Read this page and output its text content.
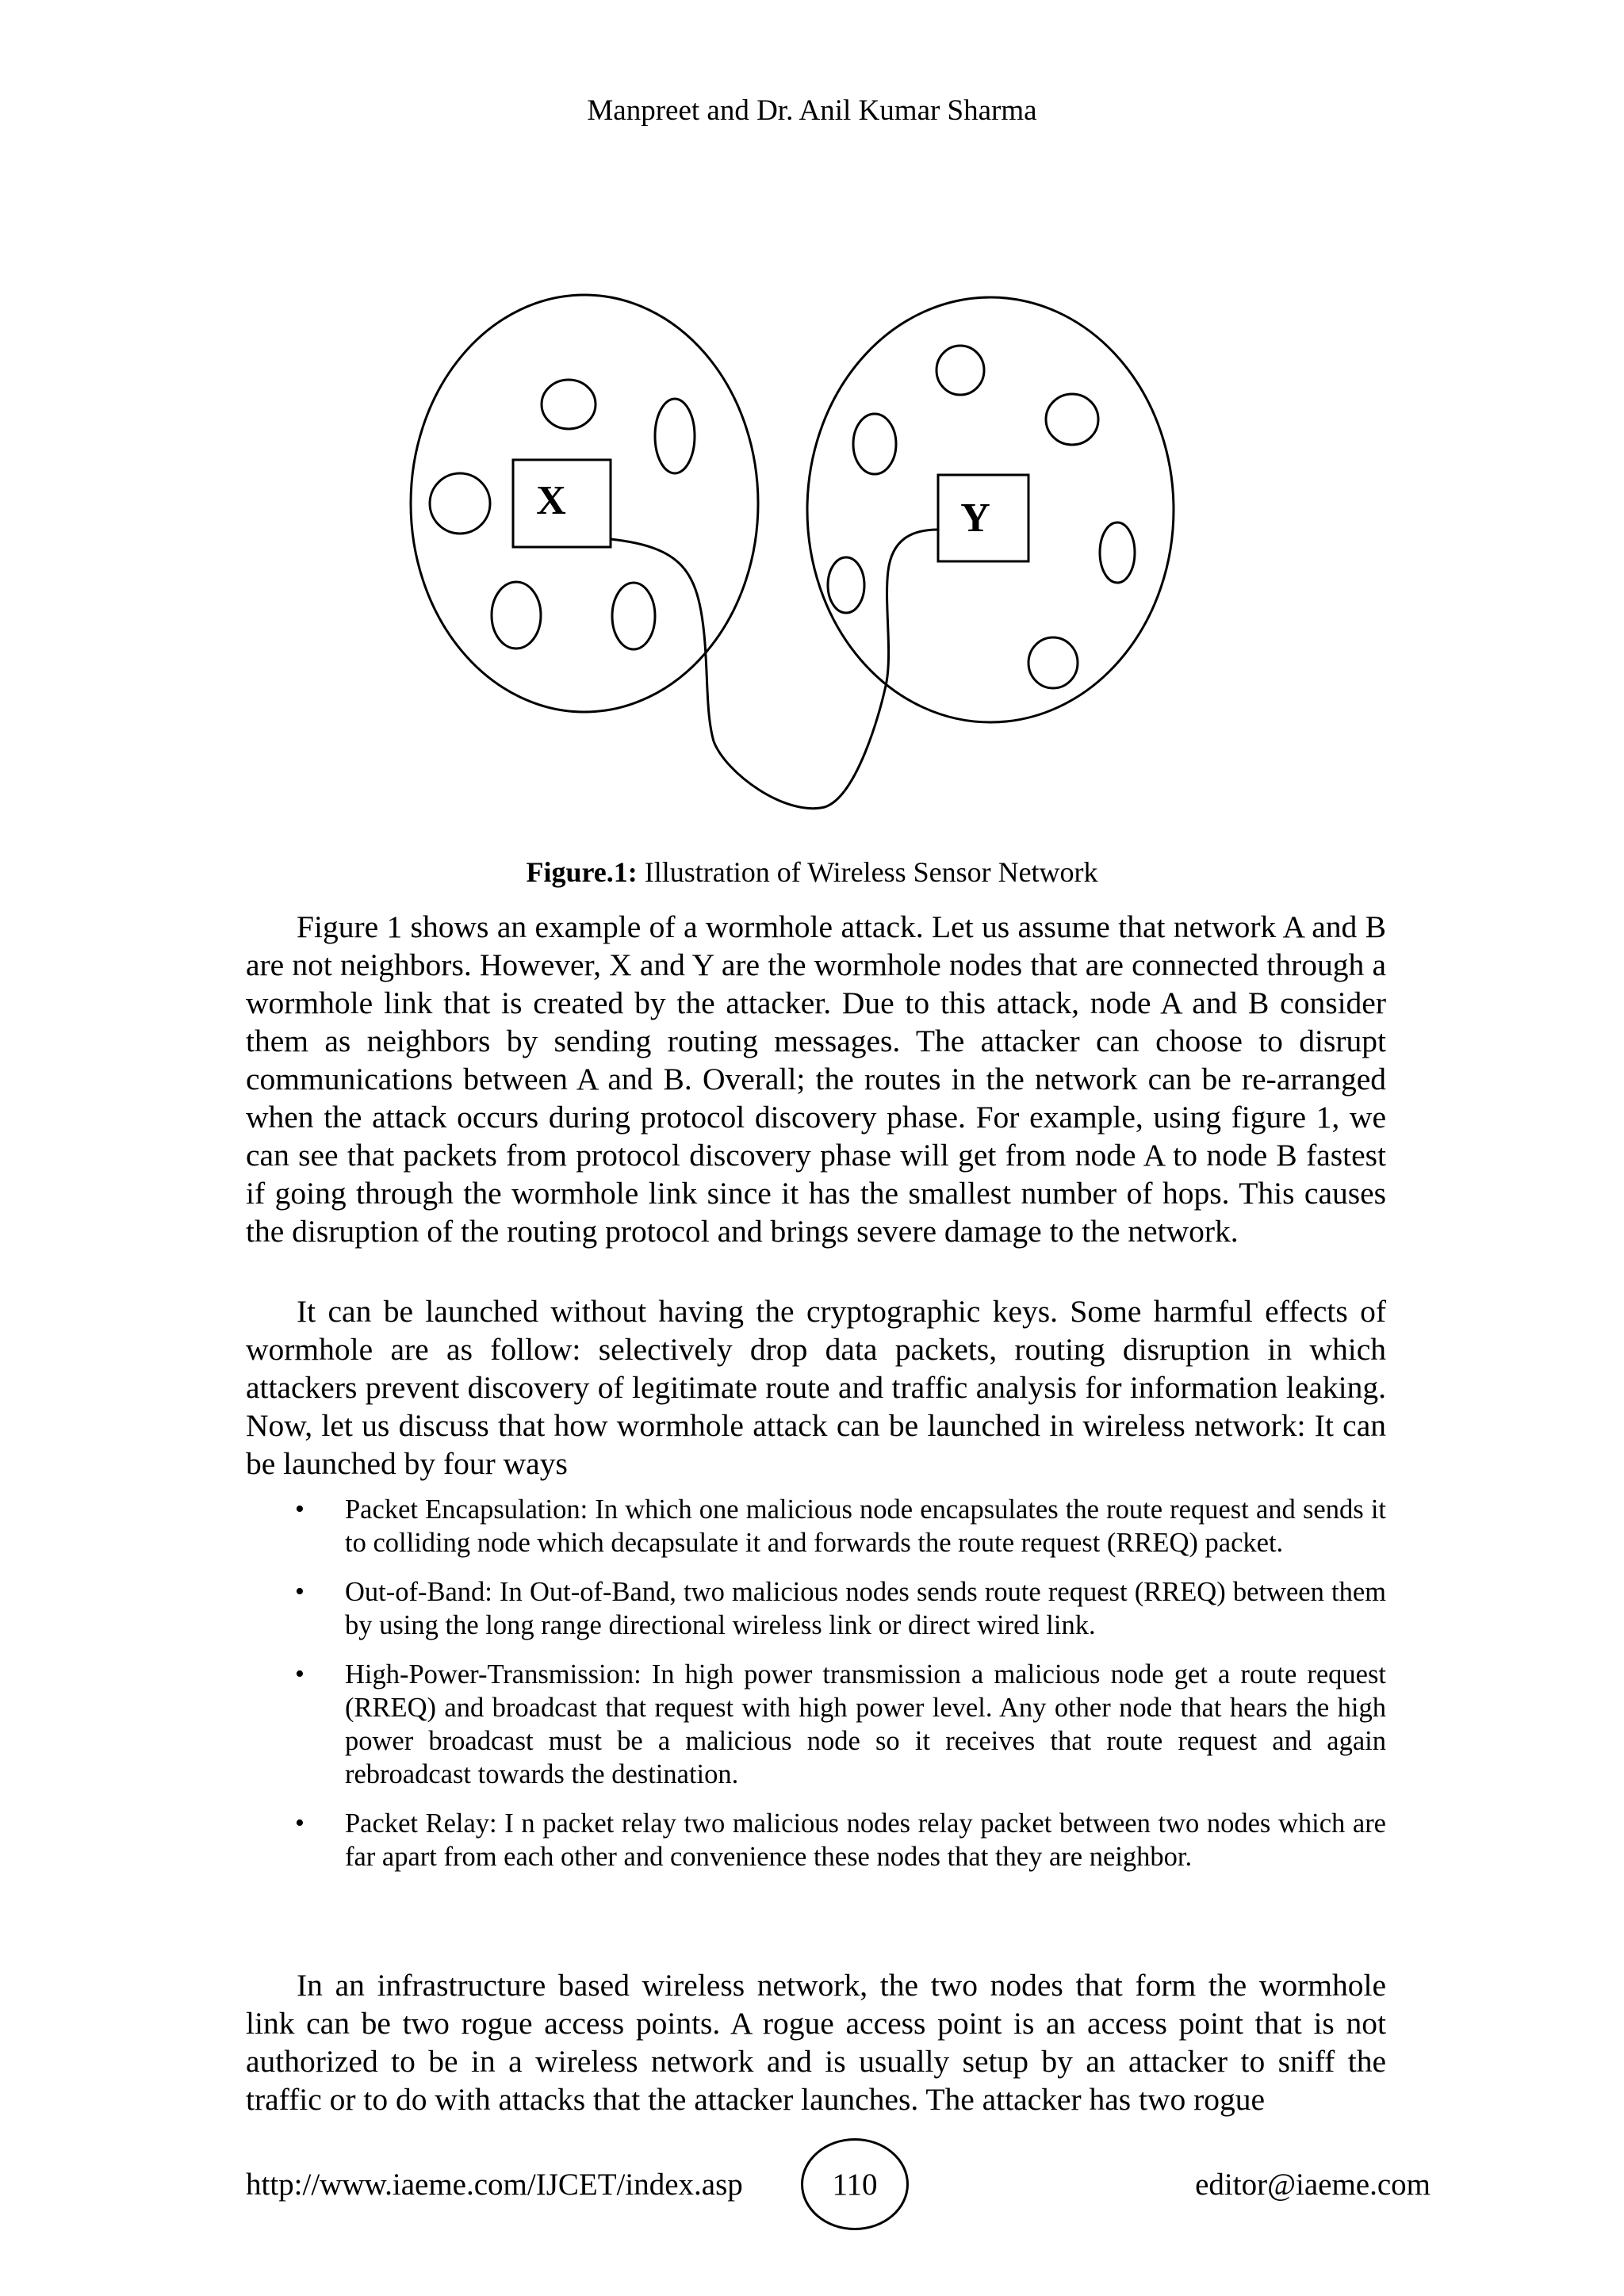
Manpreet and Dr. Anil Kumar Sharma
X	Y
Figure.1: Illustration of Wireless Sensor Network

Figure 1 shows an example of a wormhole attack. Let us assume that network A and B are not neighbors. However, X and Y are the wormhole nodes that are connected through a wormhole link that is created by the attacker. Due to this attack, node A and B consider them as neighbors by sending routing messages. The attacker can choose to disrupt communications between A and B. Overall; the routes in the network can be re-arranged when the attack occurs during protocol discovery phase. For example, using figure 1, we can see that packets from protocol discovery phase will get from node A to node B fastest if going through the wormhole link since it has the smallest number of hops. This causes the disruption of the routing protocol and brings severe damage to the network.

It can be launched without having the cryptographic keys. Some harmful effects of wormhole are as follow: selectively drop data packets, routing disruption in which attackers prevent discovery of legitimate route and traffic analysis for information leaking. Now, let us discuss that how wormhole attack can be launched in wireless network: It can be launched by four ways

• Packet Encapsulation: In which one malicious node encapsulates the route request and sends it to colliding node which decapsulate it and forwards the route request (RREQ) packet.
• Out-of-Band: In Out-of-Band, two malicious nodes sends route request (RREQ) between them by using the long range directional wireless link or direct wired link.
• High-Power-Transmission: In high power transmission a malicious node get a route request (RREQ) and broadcast that request with high power level. Any other node that hears the high power broadcast must be a malicious node so it receives that route request and again rebroadcast towards the destination.
• Packet Relay: I n packet relay two malicious nodes relay packet between two nodes which are far apart from each other and convenience these nodes that they are neighbor.

In an infrastructure based wireless network, the two nodes that form the wormhole link can be two rogue access points. A rogue access point is an access point that is not authorized to be in a wireless network and is usually setup by an attacker to sniff the traffic or to do with attacks that the attacker launches. The attacker has two rogue

http://www.iaeme.com/IJCET/index.asp	110	editor@iaeme.com
